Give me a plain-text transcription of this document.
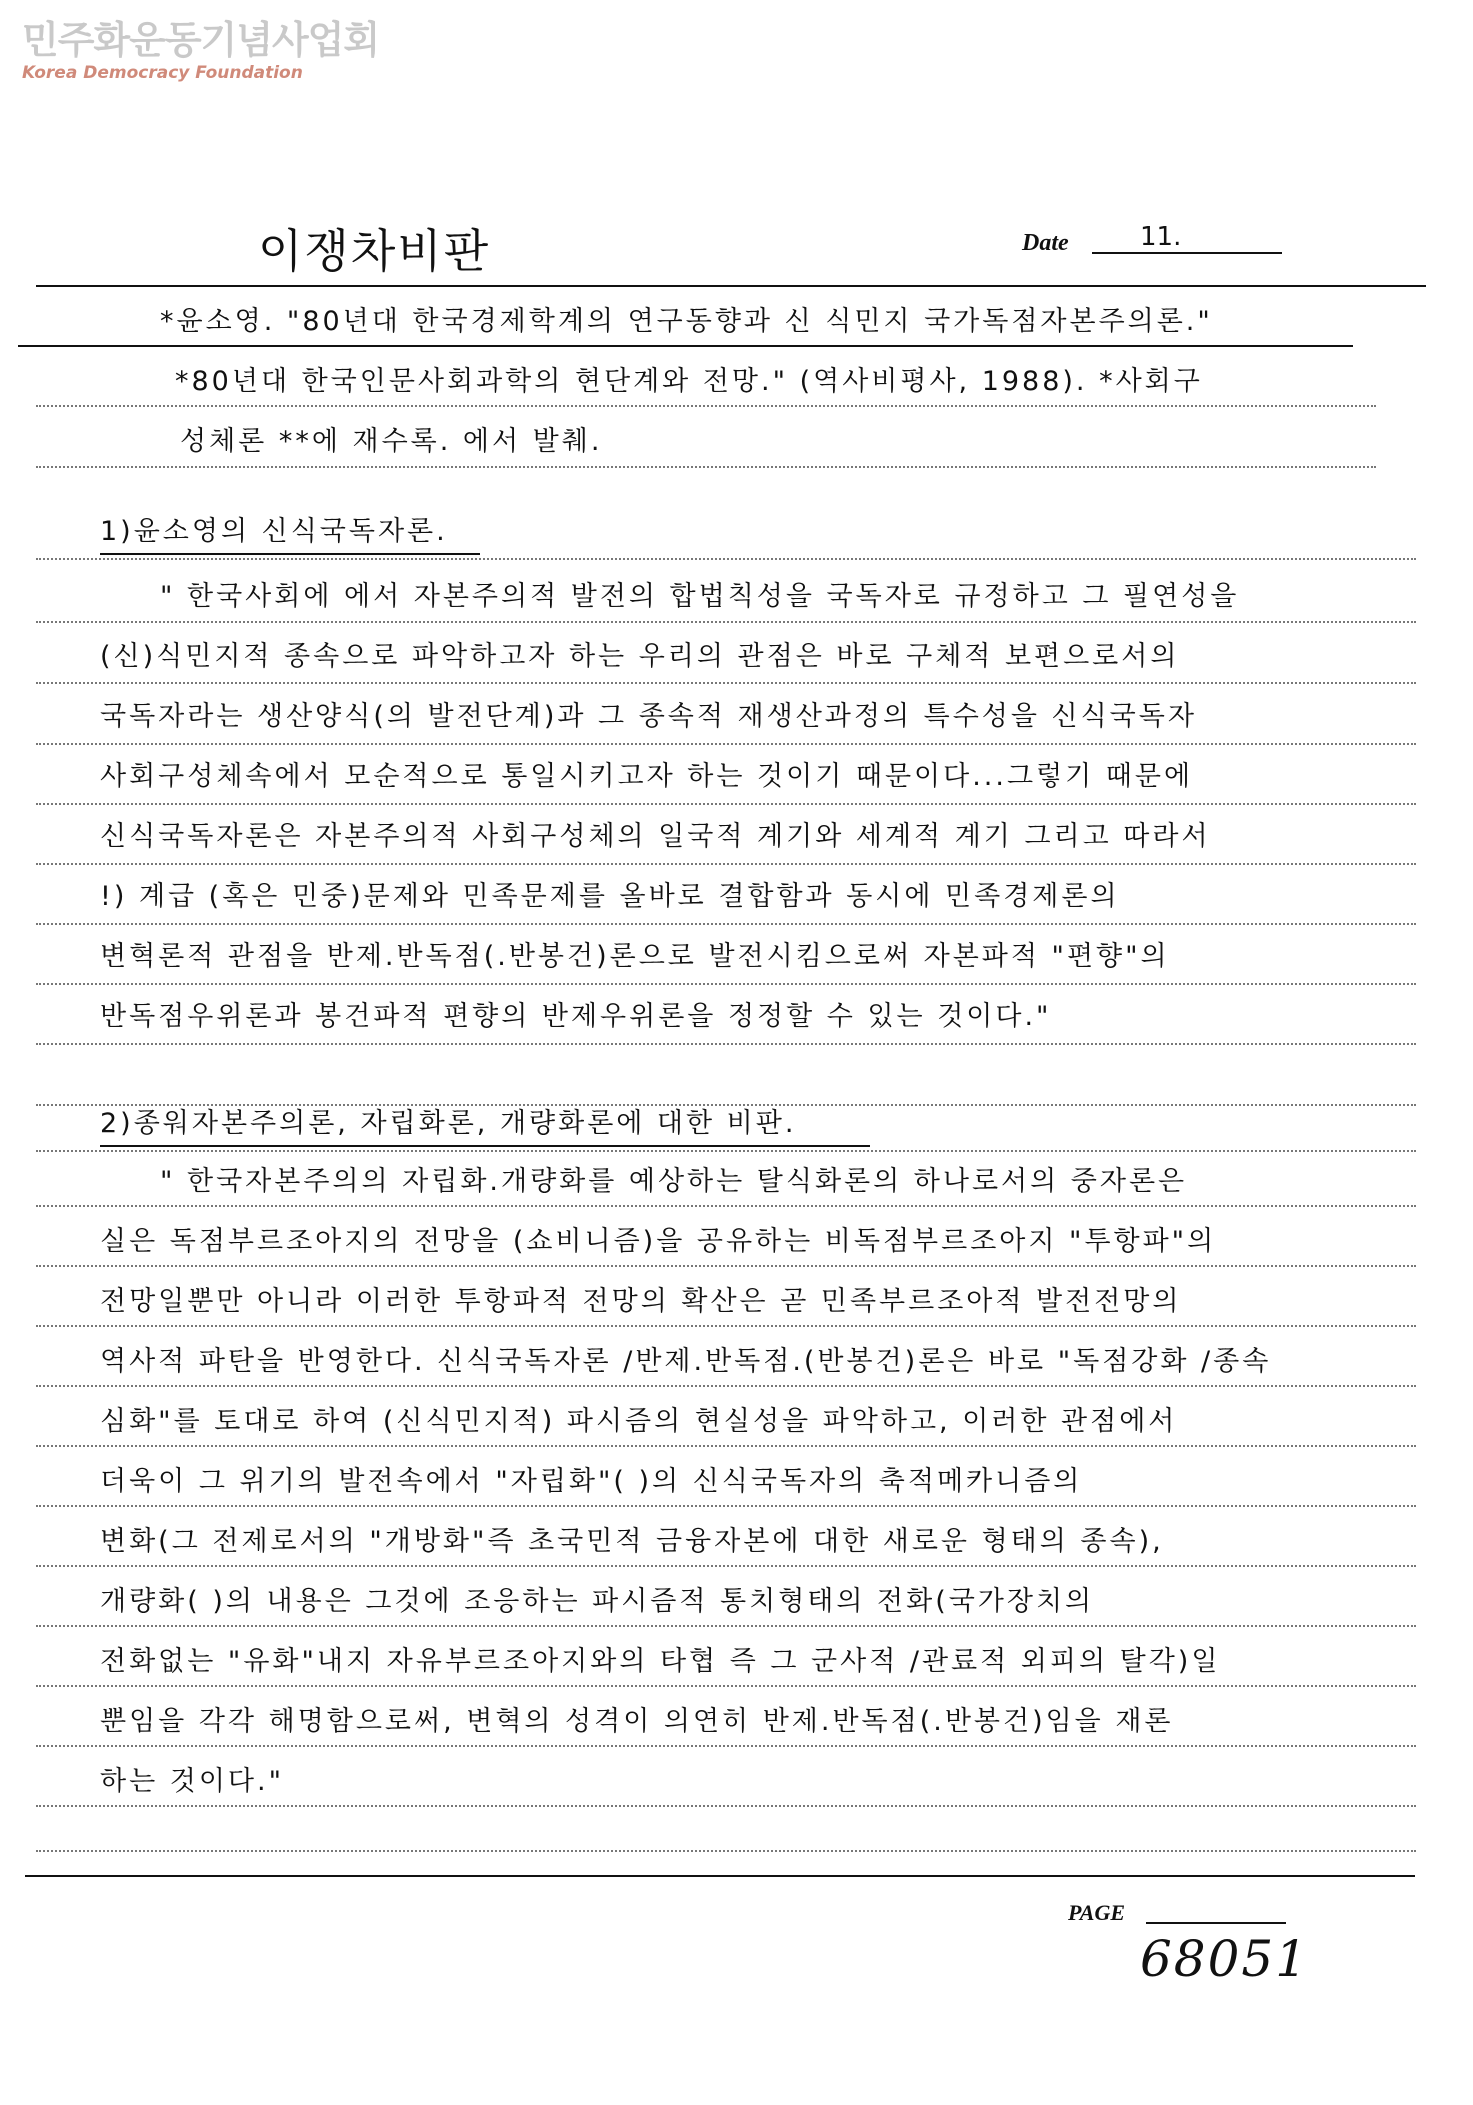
민주화운동기념사업회
Korea Democracy Foundation
이쟁차비판	Date	11.
*윤소영. "80년대 한국경제학계의 연구동향과 신 식민지 국가독점자본주의론."
*80년대 한국인문사회과학의 현단계와 전망." (역사비평사, 1988). *사회구
성체론 **에 재수록. 에서 발췌.
1)윤소영의 신식국독자론.
" 한국사회에 에서 자본주의적 발전의 합법칙성을 국독자로 규정하고 그 필연성을
(신)식민지적 종속으로 파악하고자 하는 우리의 관점은 바로 구체적 보편으로서의
국독자라는 생산양식(의 발전단계)과 그 종속적 재생산과정의 특수성을 신식국독자
사회구성체속에서 모순적으로 통일시키고자 하는 것이기 때문이다...그렇기 때문에
신식국독자론은 자본주의적 사회구성체의 일국적 계기와 세계적 계기 그리고 따라서
!) 계급 (혹은 민중)문제와 민족문제를 올바로 결합함과 동시에 민족경제론의
변혁론적 관점을 반제.반독점(.반봉건)론으로 발전시킴으로써 자본파적 "편향"의
반독점우위론과 봉건파적 편향의 반제우위론을 정정할 수 있는 것이다."
2)종워자본주의론, 자립화론, 개량화론에 대한 비판.
" 한국자본주의의 자립화.개량화를 예상하는 탈식화론의 하나로서의 중자론은
실은 독점부르조아지의 전망을 (쇼비니즘)을 공유하는 비독점부르조아지 "투항파"의
전망일뿐만 아니라 이러한 투항파적 전망의 확산은 곧 민족부르조아적 발전전망의
역사적 파탄을 반영한다. 신식국독자론 /반제.반독점.(반봉건)론은 바로 "독점강화 /종속
심화"를 토대로 하여 (신식민지적) 파시즘의 현실성을 파악하고, 이러한 관점에서
더욱이 그 위기의 발전속에서 "자립화"( )의 신식국독자의 축적메카니즘의
변화(그 전제로서의 "개방화"즉 초국민적 금융자본에 대한 새로운 형태의 종속),
개량화( )의 내용은 그것에 조응하는 파시즘적 통치형태의 전화(국가장치의
전화없는 "유화"내지 자유부르조아지와의 타협 즉 그 군사적 /관료적 외피의 탈각)일
뿐임을 각각 해명함으로써, 변혁의 성격이 의연히 반제.반독점(.반봉건)임을 재론
하는 것이다."
PAGE
68051
